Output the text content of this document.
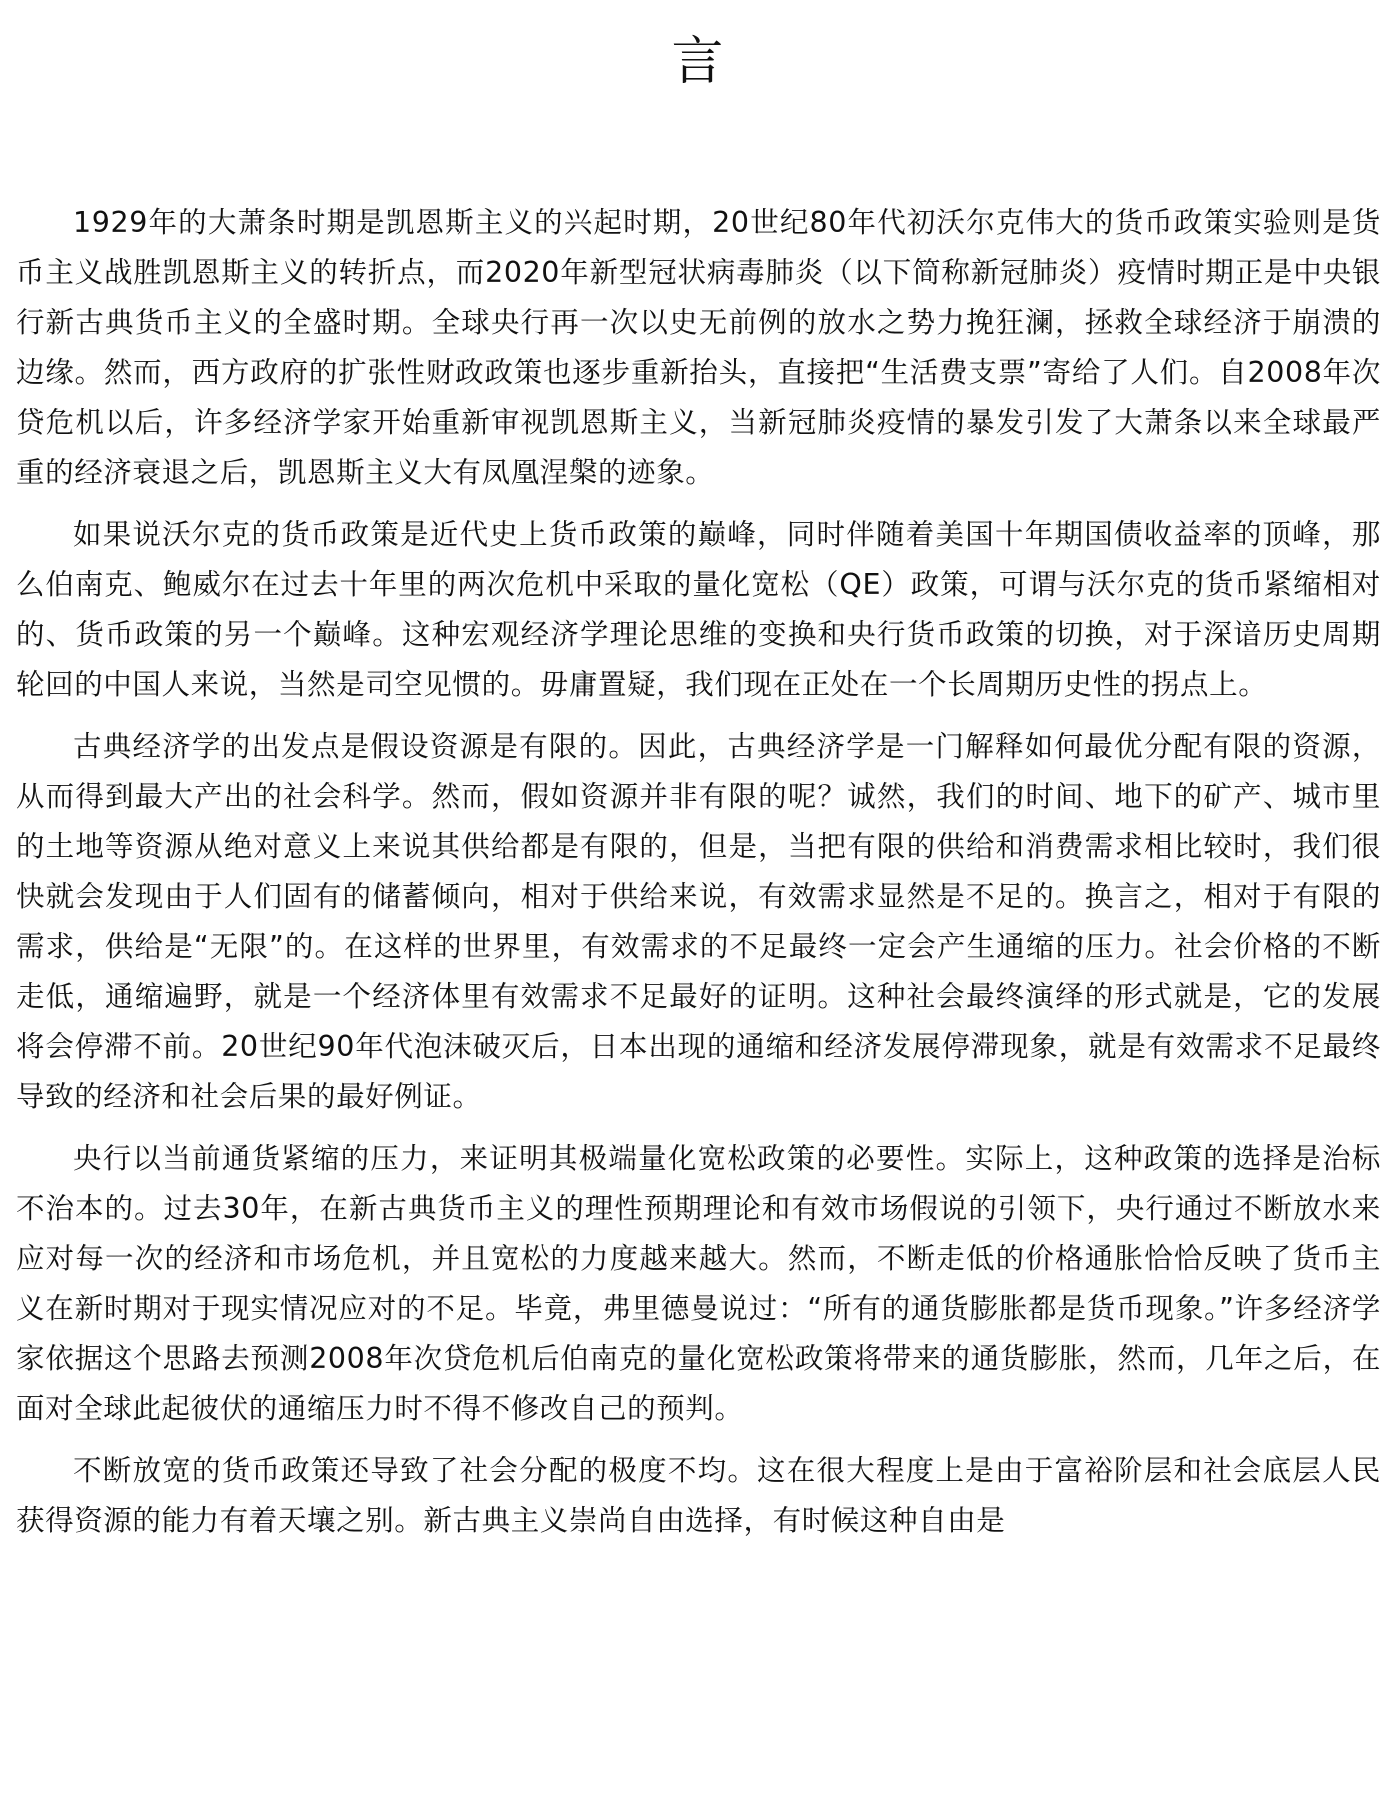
言

1929年的大萧条时期是凯恩斯主义的兴起时期，20世纪80年代初沃尔克伟大的货币政策实验则是货币主义战胜凯恩斯主义的转折点，而2020年新型冠状病毒肺炎（以下简称新冠肺炎）疫情时期正是中央银行新古典货币主义的全盛时期。全球央行再一次以史无前例的放水之势力挽狂澜，拯救全球经济于崩溃的边缘。然而，西方政府的扩张性财政政策也逐步重新抬头，直接把“生活费支票”寄给了人们。自2008年次贷危机以后，许多经济学家开始重新审视凯恩斯主义，当新冠肺炎疫情的暴发引发了大萧条以来全球最严重的经济衰退之后，凯恩斯主义大有凤凰涅槃的迹象。

如果说沃尔克的货币政策是近代史上货币政策的巅峰，同时伴随着美国十年期国债收益率的顶峰，那么伯南克、鲍威尔在过去十年里的两次危机中采取的量化宽松（QE）政策，可谓与沃尔克的货币紧缩相对的、货币政策的另一个巅峰。这种宏观经济学理论思维的变换和央行货币政策的切换，对于深谙历史周期轮回的中国人来说，当然是司空见惯的。毋庸置疑，我们现在正处在一个长周期历史性的拐点上。

古典经济学的出发点是假设资源是有限的。因此，古典经济学是一门解释如何最优分配有限的资源，从而得到最大产出的社会科学。然而，假如资源并非有限的呢？诚然，我们的时间、地下的矿产、城市里的土地等资源从绝对意义上来说其供给都是有限的，但是，当把有限的供给和消费需求相比较时，我们很快就会发现由于人们固有的储蓄倾向，相对于供给来说，有效需求显然是不足的。换言之，相对于有限的需求，供给是“无限”的。在这样的世界里，有效需求的不足最终一定会产生通缩的压力。社会价格的不断走低，通缩遍野，就是一个经济体里有效需求不足最好的证明。这种社会最终演绎的形式就是，它的发展将会停滞不前。20世纪90年代泡沫破灭后，日本出现的通缩和经济发展停滞现象，就是有效需求不足最终导致的经济和社会后果的最好例证。

央行以当前通货紧缩的压力，来证明其极端量化宽松政策的必要性。实际上，这种政策的选择是治标不治本的。过去30年，在新古典货币主义的理性预期理论和有效市场假说的引领下，央行通过不断放水来应对每一次的经济和市场危机，并且宽松的力度越来越大。然而，不断走低的价格通胀恰恰反映了货币主义在新时期对于现实情况应对的不足。毕竟，弗里德曼说过：“所有的通货膨胀都是货币现象。”许多经济学家依据这个思路去预测2008年次贷危机后伯南克的量化宽松政策将带来的通货膨胀，然而，几年之后，在面对全球此起彼伏的通缩压力时不得不修改自己的预判。

不断放宽的货币政策还导致了社会分配的极度不均。这在很大程度上是由于富裕阶层和社会底层人民获得资源的能力有着天壤之别。新古典主义崇尚自由选择，有时候这种自由是
